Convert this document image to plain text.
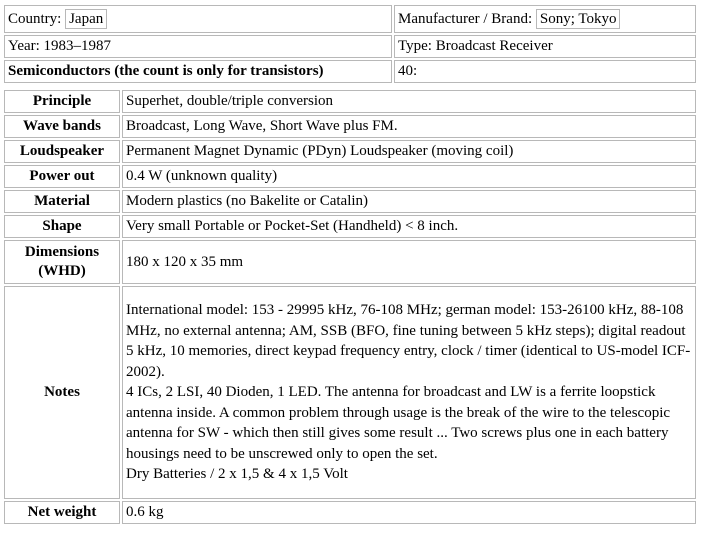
Country: Japan	Manufacturer / Brand: Sony; Tokyo
Year: 1983–1987	Type: Broadcast Receiver
Semiconductors (the count is only for transistors)	40:
Principle	Superhet, double/triple conversion
Wave bands	Broadcast, Long Wave, Short Wave plus FM.
Loudspeaker	Permanent Magnet Dynamic (PDyn) Loudspeaker (moving coil)
Power out	0.4 W (unknown quality)
Material	Modern plastics (no Bakelite or Catalin)
Shape	Very small Portable or Pocket-Set (Handheld) < 8 inch.
Dimensions (WHD)	180 x 120 x 35 mm
Notes	International model: 153 - 29995 kHz, 76-108 MHz; german model: 153-26100 kHz, 88-108 MHz, no external antenna; AM, SSB (BFO, fine tuning between 5 kHz steps); digital readout 5 kHz, 10 memories, direct keypad frequency entry, clock / timer (identical to US-model ICF-2002).

4 ICs, 2 LSI, 40 Dioden, 1 LED. The antenna for broadcast and LW is a ferrite loopstick antenna inside. A common problem through usage is the break of the wire to the telescopic antenna for SW - which then still gives some result ... Two screws plus one in each battery housings need to be unscrewed only to open the set.

Dry Batteries / 2 x 1,5 & 4 x 1,5 Volt

Net weight	0.6 kg
